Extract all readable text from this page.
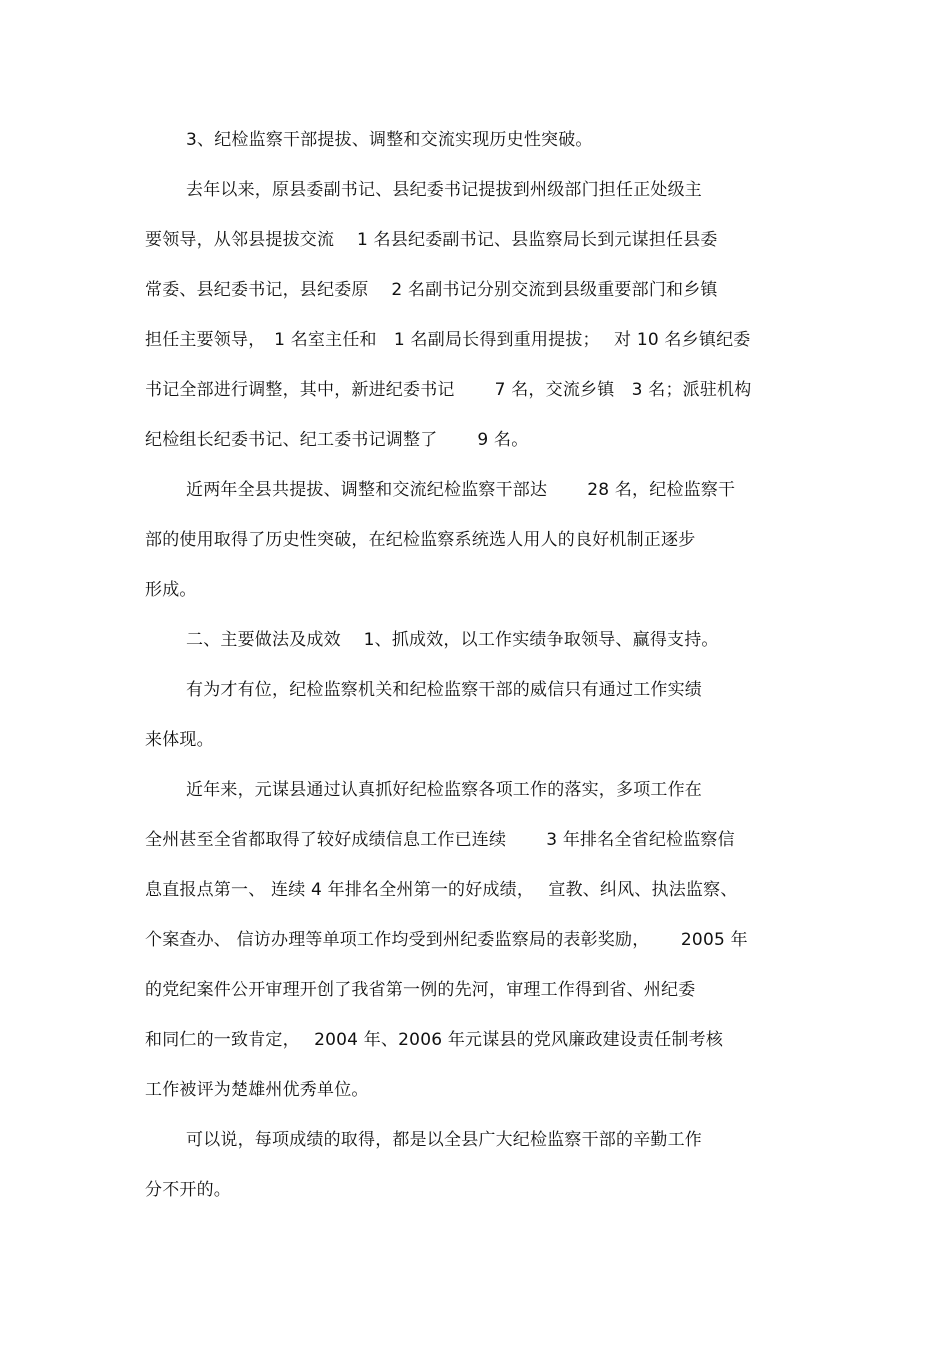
3、纪检监察干部提拔、调整和交流实现历史性突破。
去年以来，原县委副书记、县纪委书记提拔到州级部门担任正处级主
要领导，从邻县提拔交流　 1 名县纪委副书记、县监察局长到元谋担任县委
常委、县纪委书记，县纪委原　 2 名副书记分别交流到县级重要部门和乡镇
担任主要领导，　1 名室主任和　1 名副局长得到重用提拔；　 对 10 名乡镇纪委
书记全部进行调整，其中，新进纪委书记　　 7 名，交流乡镇　3 名；派驻机构
纪检组长纪委书记、纪工委书记调整了　　 9 名。
近两年全县共提拔、调整和交流纪检监察干部达　　 28 名，纪检监察干
部的使用取得了历史性突破，在纪检监察系统选人用人的良好机制正逐步
形成。
二、主要做法及成效　 1、抓成效，以工作实绩争取领导、赢得支持。
有为才有位，纪检监察机关和纪检监察干部的威信只有通过工作实绩
来体现。
近年来，元谋县通过认真抓好纪检监察各项工作的落实，多项工作在
全州甚至全省都取得了较好成绩信息工作已连续　　 3 年排名全省纪检监察信
息直报点第一、 连续 4 年排名全州第一的好成绩，　 宣教、纠风、执法监察、
个案查办、 信访办理等单项工作均受到州纪委监察局的表彰奖励，　　 2005 年
的党纪案件公开审理开创了我省第一例的先河，审理工作得到省、州纪委
和同仁的一致肯定，　 2004 年、2006 年元谋县的党风廉政建设责任制考核
工作被评为楚雄州优秀单位。
可以说，每项成绩的取得，都是以全县广大纪检监察干部的辛勤工作
分不开的。
